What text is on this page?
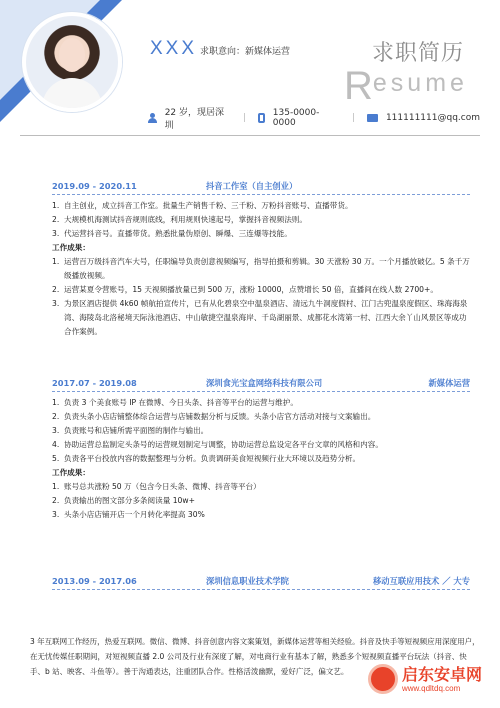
XXX 求职意向：新媒体运营	求职简历
Resume
22 岁，现居深圳
|	135-0000-0000	|	111111111@qq.com
2019.09 - 2020.11	抖音工作室（自主创业）
1. 自主创业，成立抖音工作室。批量生产销售千粉、三千粉、万粉抖音账号、直播带货。
2. 大规模机海测试抖音规则底线，利用规则快速起号，掌握抖音视频法则。
3. 代运营抖音号。直播带货。熟悉批量伪原创、瞬爆、三连爆等技能。
工作成果：
1. 运营百万级抖音汽车大号，任职编导负责创意视频编写，指导拍摄和剪辑。30 天涨粉 30 万。一个月播放破亿。5 条千万级播放视频。
2. 运营某夏令营账号，15 天视频播放量已到 500 万，涨粉 10000，点赞增长 50 倍，直播间在线人数 2700+。
3. 为景区酒店提供 4k60 帧航拍宣传片，已有从化碧泉空中温泉酒店、清远九牛洞度假村、江门古兜温泉度假区、珠海海泉湾、海陵岛北洛秘境天际泳池酒店、中山敏捷空温泉海岸、千岛湖丽景、成都花水湾第一村、江西大余丫山风景区等成功合作案例。
2017.07 - 2019.08	深圳食光宝盒网络科技有限公司	新媒体运营
1. 负责 3 个美食账号 IP 在微博、今日头条、抖音等平台的运营与维护。
2. 负责头条小店店铺整体综合运营与店铺数据分析与反馈。头条小店官方活动对接与文案输出。
3. 负责账号和店铺所需平面图的制作与输出。
4. 协助运营总监制定头条号的运营规划制定与调整，协助运营总监设定各平台文章的风格和内容。
5. 负责各平台投放内容的数据整理与分析。负责调研美食短视频行业大环境以及趋势分析。
工作成果：
1. 账号总共涨粉 50 万（包含今日头条、微博、抖音等平台）
2. 负责输出的图文部分多条阅读量 10w+
3. 头条小店店铺开店一个月转化率提高 30%
2013.09 - 2017.06	深圳信息职业技术学院	移动互联应用技术 ／ 大专
3 年互联网工作经历，热爱互联网。微信、微博、抖音创意内容文案策划，新媒体运营等相关经验。抖音及快手等短视频应用深度用户，在无忧传媒任职期间，对短视频直播 2.0 公司及行业有深度了解，对电商行业有基本了解，熟悉多个短视频直播平台玩法（抖音、快手、b 站、映客、斗鱼等）。善于沟通表达，注重团队合作。性格活泼幽默，爱好广泛，偏文艺。	启东安卓网
www.qdltdq.com
